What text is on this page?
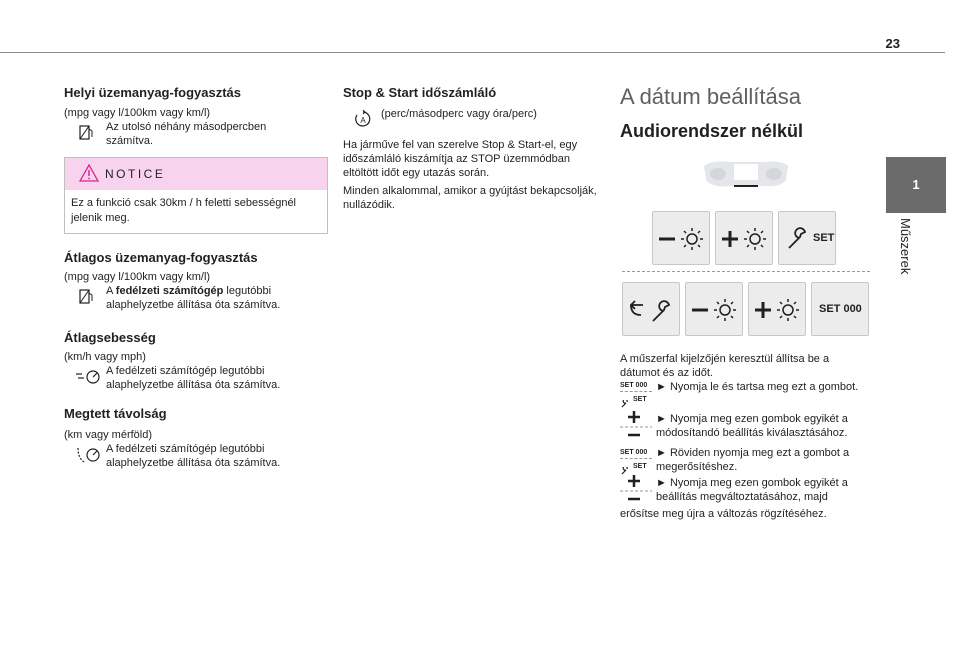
23
1
Műszerek
Helyi üzemanyag-fogyasztás
(mpg vagy l/100km vagy km/l)
Az utolsó néhány másodpercben számítva.
NOTICE
Ez a funkció csak 30km / h feletti sebességnél jelenik meg.
Átlagos üzemanyag-fogyasztás
(mpg vagy l/100km vagy km/l)
A fedélzeti számítógép legutóbbi alaphelyzetbe állítása óta számítva.
Átlagsebesség
(km/h vagy mph)
A fedélzeti számítógép legutóbbi alaphelyzetbe állítása óta számítva.
Megtett távolság
(km vagy mérföld)
A fedélzeti számítógép legutóbbi alaphelyzetbe állítása óta számítva.
Stop & Start időszámláló
A
(perc/másodperc vagy óra/perc)
Ha járműve fel van szerelve Stop & Start-el, egy időszámláló kiszámítja az STOP üzemmódban eltöltött időt egy utazás során.
Minden alkalommal, amikor a gyújtást bekapcsolják, nullázódik.
A dátum beállítása
Audiorendszer nélkül
SET
SET 000
A műszerfal kijelzőjén keresztül állítsa be a dátumot és az időt.
SET 000
SET
► Nyomja le és tartsa meg ezt a gombot.
► Nyomja meg ezen gombok egyikét a módosítandó beállítás kiválasztásához.
SET 000
SET
► Röviden nyomja meg ezt a gombot a megerősítéshez.
► Nyomja meg ezen gombok egyikét a beállítás megváltoztatásához, majd
erősítse meg újra a változás rögzítéséhez.
